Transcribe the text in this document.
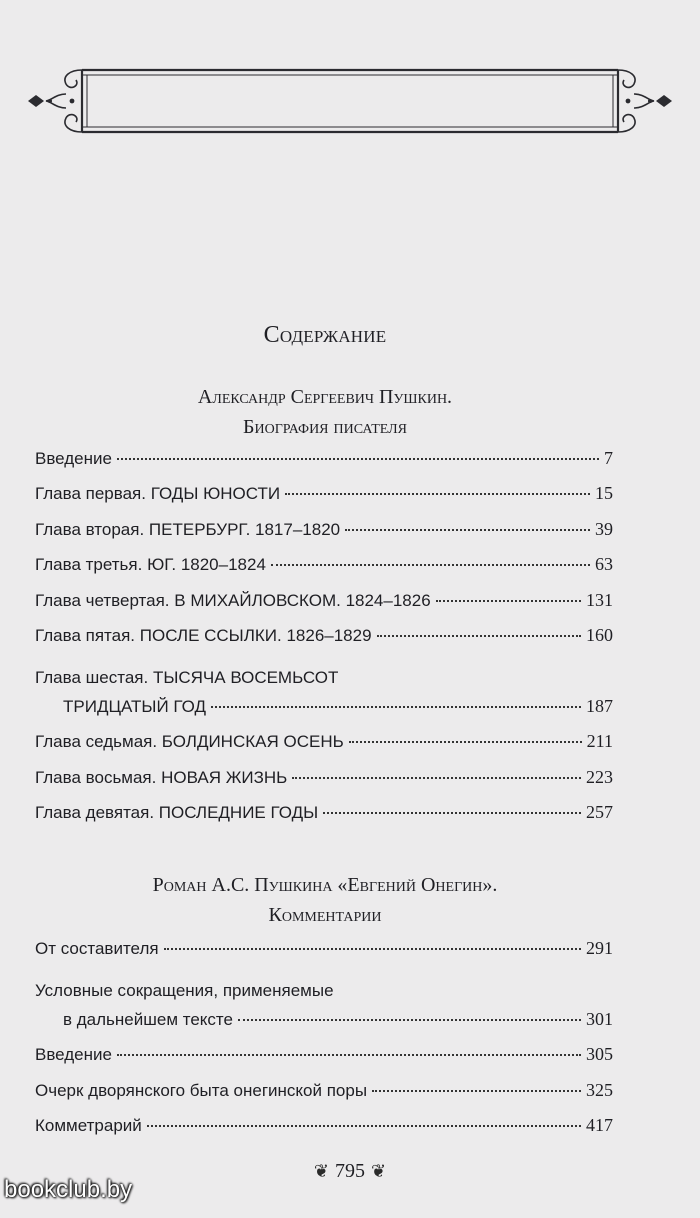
Содержание
Александр Сергеевич Пушкин.
Биография писателя
Введение	7
Глава первая. ГОДЫ ЮНОСТИ	15
Глава вторая. ПЕТЕРБУРГ. 1817–1820	39
Глава третья. ЮГ. 1820–1824	63
Глава четвертая. В МИХАЙЛОВСКОМ. 1824–1826	131
Глава пятая. ПОСЛЕ ССЫЛКИ. 1826–1829	160
Глава шестая. ТЫСЯЧА ВОСЕМЬСОТ
ТРИДЦАТЫЙ ГОД	187
Глава седьмая. БОЛДИНСКАЯ ОСЕНЬ	211
Глава восьмая. НОВАЯ ЖИЗНЬ	223
Глава девятая. ПОСЛЕДНИЕ ГОДЫ	257
Роман А.С. Пушкина «Евгений Онегин».
Комментарии
От составителя	291
Условные сокращения, применяемые
в дальнейшем тексте	301
Введение	305
Очерк дворянского быта онегинской поры	325
Комметрарий	417
❦ 795 ❦
bookclub.by
